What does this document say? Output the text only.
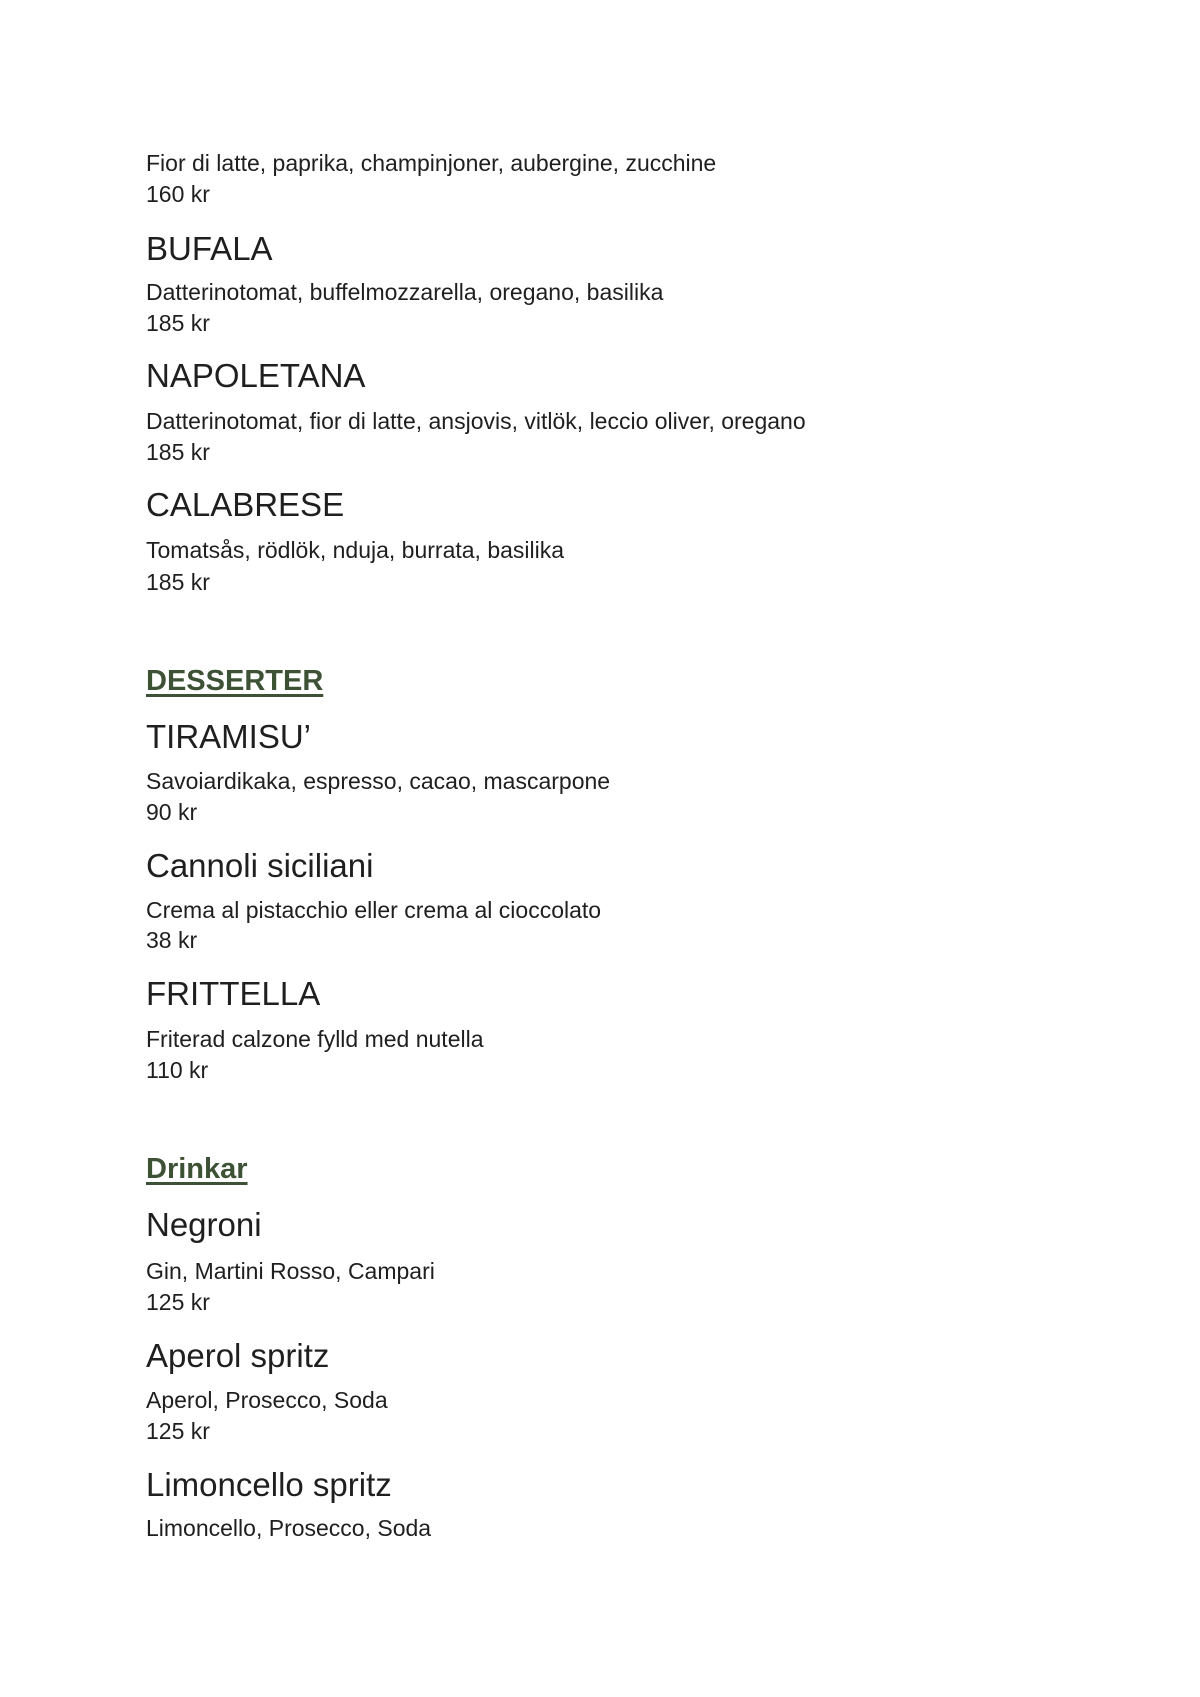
Fior di latte, paprika, champinjoner, aubergine, zucchine
160 kr
BUFALA
Datterinotomat, buffelmozzarella, oregano, basilika
185 kr
NAPOLETANA
Datterinotomat, fior di latte, ansjovis, vitlök, leccio oliver, oregano
185 kr
CALABRESE
Tomatsås, rödlök, nduja, burrata, basilika
185 kr
DESSERTER
TIRAMISU’
Savoiardikaka, espresso, cacao, mascarpone
90 kr
Cannoli siciliani
Crema al pistacchio eller crema al cioccolato
38 kr
FRITTELLA
Friterad calzone fylld med nutella
110 kr
Drinkar
Negroni
Gin, Martini Rosso, Campari
125 kr
Aperol spritz
Aperol, Prosecco, Soda
125 kr
Limoncello spritz
Limoncello, Prosecco, Soda
